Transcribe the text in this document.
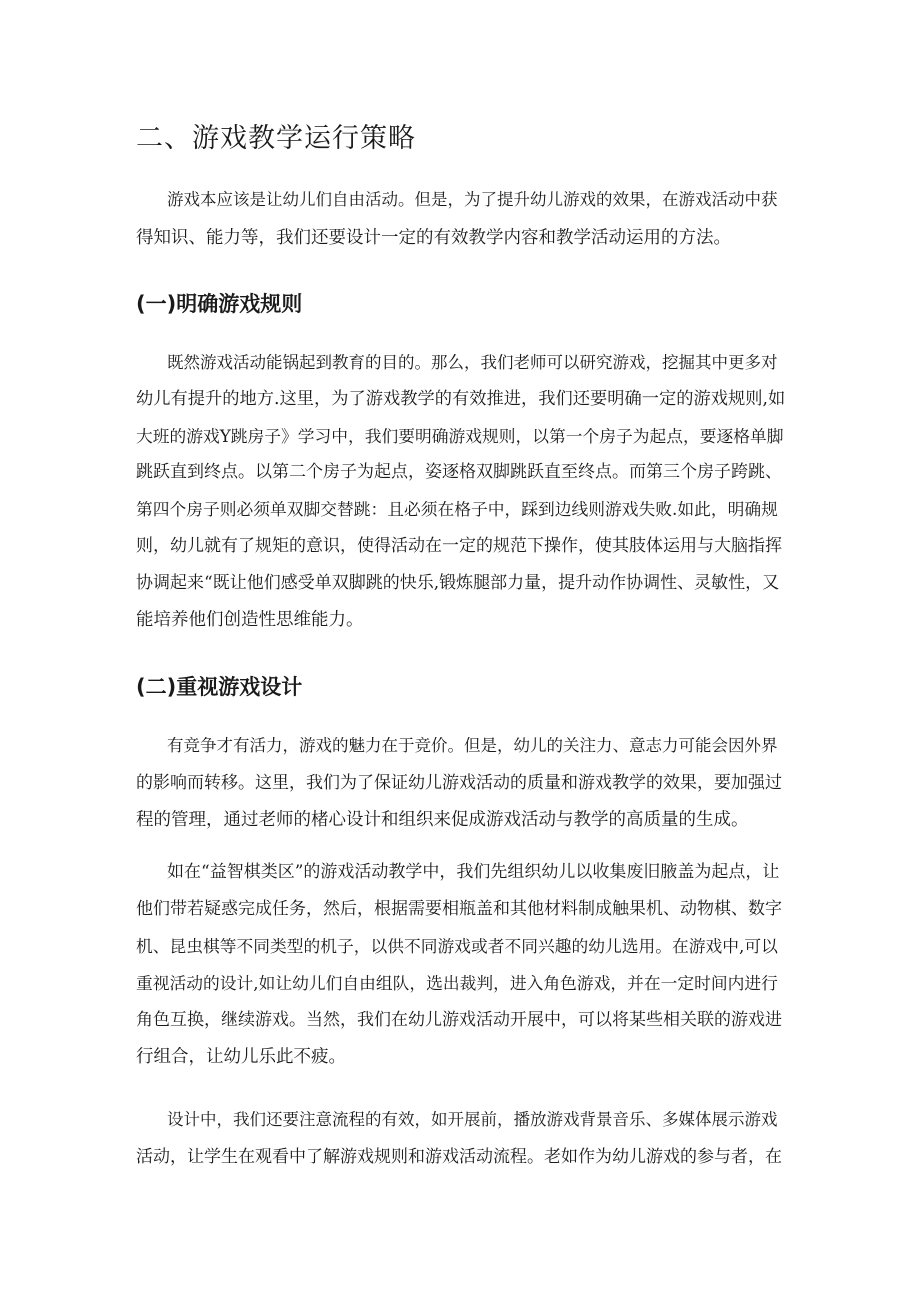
二、游戏教学运行策略
游戏本应该是让幼儿们自由活动。但是，为了提升幼儿游戏的效果，在游戏活动中获
得知识、能力等，我们还要设计一定的有效教学内容和教学活动运用的方法。
(一)明确游戏规则
既然游戏活动能锅起到教育的目的。那么，我们老师可以研究游戏，挖掘其中更多对
幼儿有提升的地方.这里，为了游戏教学的有效推进，我们还要明确一定的游戏规则,如
大班的游戏Y跳房子》学习中，我们要明确游戏规则，以第一个房子为起点，要逐格单脚
跳跃直到终点。以第二个房子为起点，姿逐格双脚跳跃直至终点。而第三个房子跨跳、
第四个房子则必须单双脚交替跳：且必须在格子中，踩到边线则游戏失败.如此，明确规
则，幼儿就有了规矩的意识，使得活动在一定的规范下操作，使其肢体运用与大脑指挥
协调起来“既让他们感受单双脚跳的快乐,锻炼腿部力量，提升动作协调性、灵敏性，又
能培养他们创造性思维能力。
(二)重视游戏设计
有竞争才有活力，游戏的魅力在于竞价。但是，幼儿的关注力、意志力可能会因外界
的影响而转移。这里，我们为了保证幼儿游戏活动的质量和游戏教学的效果，要加强过
程的管理，通过老师的楮心设计和组织来促成游戏活动与教学的高质量的生成。
如在“益智棋类区”的游戏活动教学中，我们先组织幼儿以收集废旧腋盖为起点，让
他们带若疑惑完成任务，然后，根据需要相瓶盖和其他材料制成触果机、动物棋、数字
机、昆虫棋等不同类型的机子，以供不同游戏或者不同兴趣的幼儿选用。在游戏中,可以
重视活动的设计,如让幼儿们自由组队，选出裁判，进入角色游戏，并在一定时间内进行
角色互换，继续游戏。当然，我们在幼儿游戏活动开展中，可以将某些相关联的游戏进
行组合，让幼儿乐此不疲。
设计中，我们还要注意流程的有效，如开展前，播放游戏背景音乐、多媒体展示游戏
活动，让学生在观看中了解游戏规则和游戏活动流程。老如作为幼儿游戏的参与者，在
